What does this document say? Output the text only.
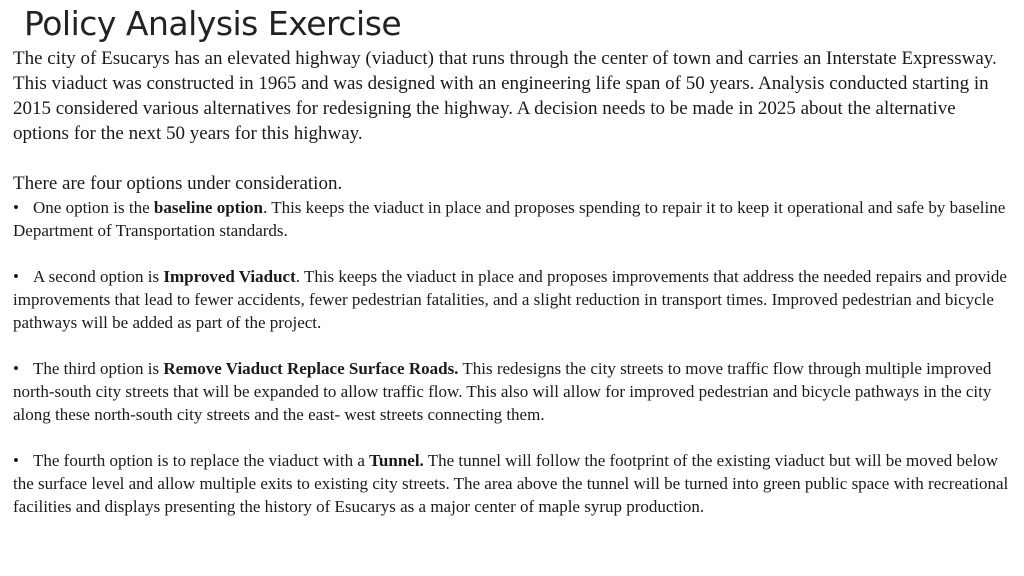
Policy Analysis Exercise

The city of Esucarys has an elevated highway (viaduct) that runs through the center of town and carries an Interstate Expressway. This viaduct was constructed in 1965 and was designed with an engineering life span of 50 years. Analysis conducted starting in 2015 considered various alternatives for redesigning the highway. A decision needs to be made in 2025 about the alternative options for the next 50 years for this highway.

There are four options under consideration.

• One option is the baseline option. This keeps the viaduct in place and proposes spending to repair it to keep it operational and safe by baseline Department of Transportation standards.

• A second option is Improved Viaduct. This keeps the viaduct in place and proposes improvements that address the needed repairs and provide improvements that lead to fewer accidents, fewer pedestrian fatalities, and a slight reduction in transport times. Improved pedestrian and bicycle pathways will be added as part of the project.

• The third option is Remove Viaduct Replace Surface Roads. This redesigns the city streets to move traffic flow through multiple improved north-south city streets that will be expanded to allow traffic flow. This also will allow for improved pedestrian and bicycle pathways in the city along these north-south city streets and the east- west streets connecting them.

• The fourth option is to replace the viaduct with a Tunnel. The tunnel will follow the footprint of the existing viaduct but will be moved below the surface level and allow multiple exits to existing city streets. The area above the tunnel will be turned into green public space with recreational facilities and displays presenting the history of Esucarys as a major center of maple syrup production.
